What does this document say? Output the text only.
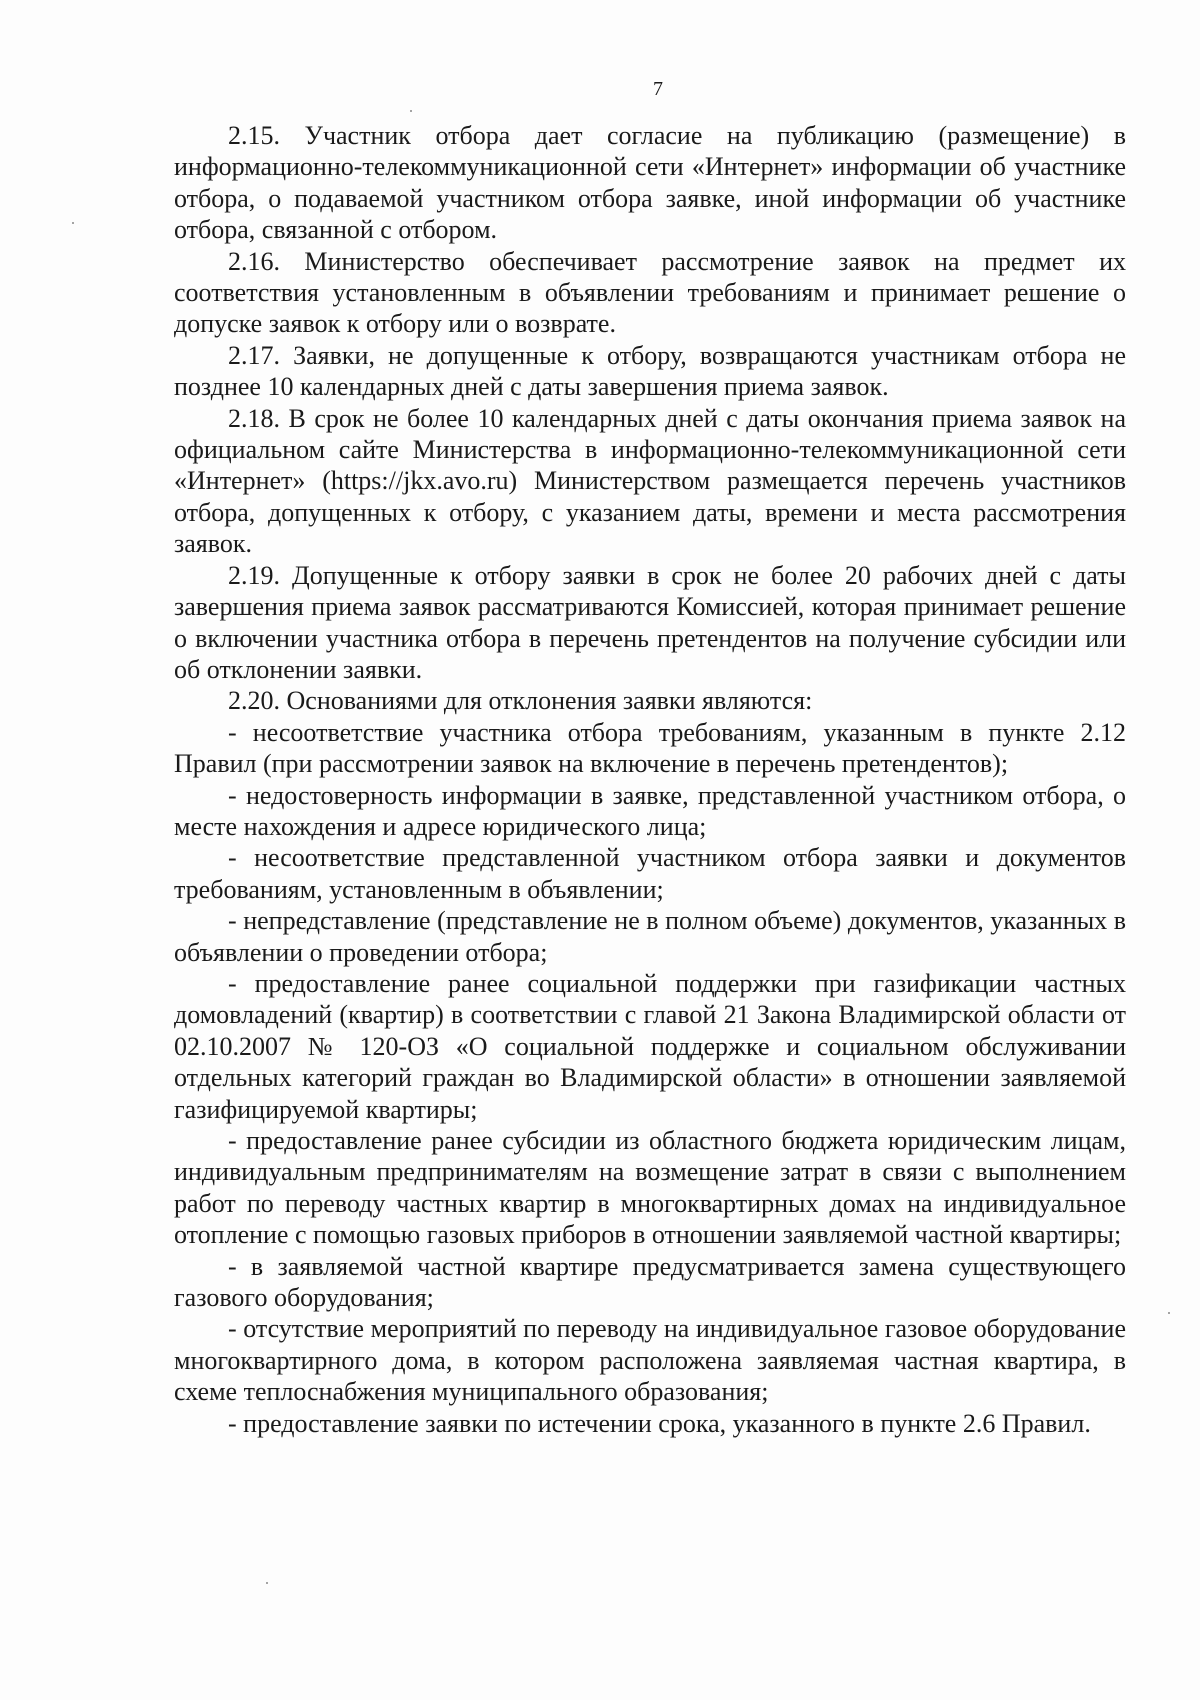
7

2.15. Участник отбора дает согласие на публикацию (размещение) в информационно-телекоммуникационной сети «Интернет» информации об участнике отбора, о подаваемой участником отбора заявке, иной информации об участнике отбора, связанной с отбором.

2.16. Министерство обеспечивает рассмотрение заявок на предмет их соответствия установленным в объявлении требованиям и принимает решение о допуске заявок к отбору или о возврате.

2.17. Заявки, не допущенные к отбору, возвращаются участникам отбора не позднее 10 календарных дней с даты завершения приема заявок.

2.18. В срок не более 10 календарных дней с даты окончания приема заявок на официальном сайте Министерства в информационно-телекоммуникационной сети «Интернет» (https://jkx.avo.ru) Министерством размещается перечень участников отбора, допущенных к отбору, с указанием даты, времени и места рассмотрения заявок.

2.19. Допущенные к отбору заявки в срок не более 20 рабочих дней с даты завершения приема заявок рассматриваются Комиссией, которая принимает решение о включении участника отбора в перечень претендентов на получение субсидии или об отклонении заявки.

2.20. Основаниями для отклонения заявки являются:

- несоответствие участника отбора требованиям, указанным в пункте 2.12 Правил (при рассмотрении заявок на включение в перечень претендентов);

- недостоверность информации в заявке, представленной участником отбора, о месте нахождения и адресе юридического лица;

- несоответствие представленной участником отбора заявки и документов требованиям, установленным в объявлении;

- непредставление (представление не в полном объеме) документов, указанных в объявлении о проведении отбора;

- предоставление ранее социальной поддержки при газификации частных домовладений (квартир) в соответствии с главой 21 Закона Владимирской области от 02.10.2007 № 120-ОЗ «О социальной поддержке и социальном обслуживании отдельных категорий граждан во Владимирской области» в отношении заявляемой газифицируемой квартиры;

- предоставление ранее субсидии из областного бюджета юридическим лицам, индивидуальным предпринимателям на возмещение затрат в связи с выполнением работ по переводу частных квартир в многоквартирных домах на индивидуальное отопление с помощью газовых приборов в отношении заявляемой частной квартиры;

- в заявляемой частной квартире предусматривается замена существующего газового оборудования;

- отсутствие мероприятий по переводу на индивидуальное газовое оборудование многоквартирного дома, в котором расположена заявляемая частная квартира, в схеме теплоснабжения муниципального образования;

- предоставление заявки по истечении срока, указанного в пункте 2.6 Правил.
